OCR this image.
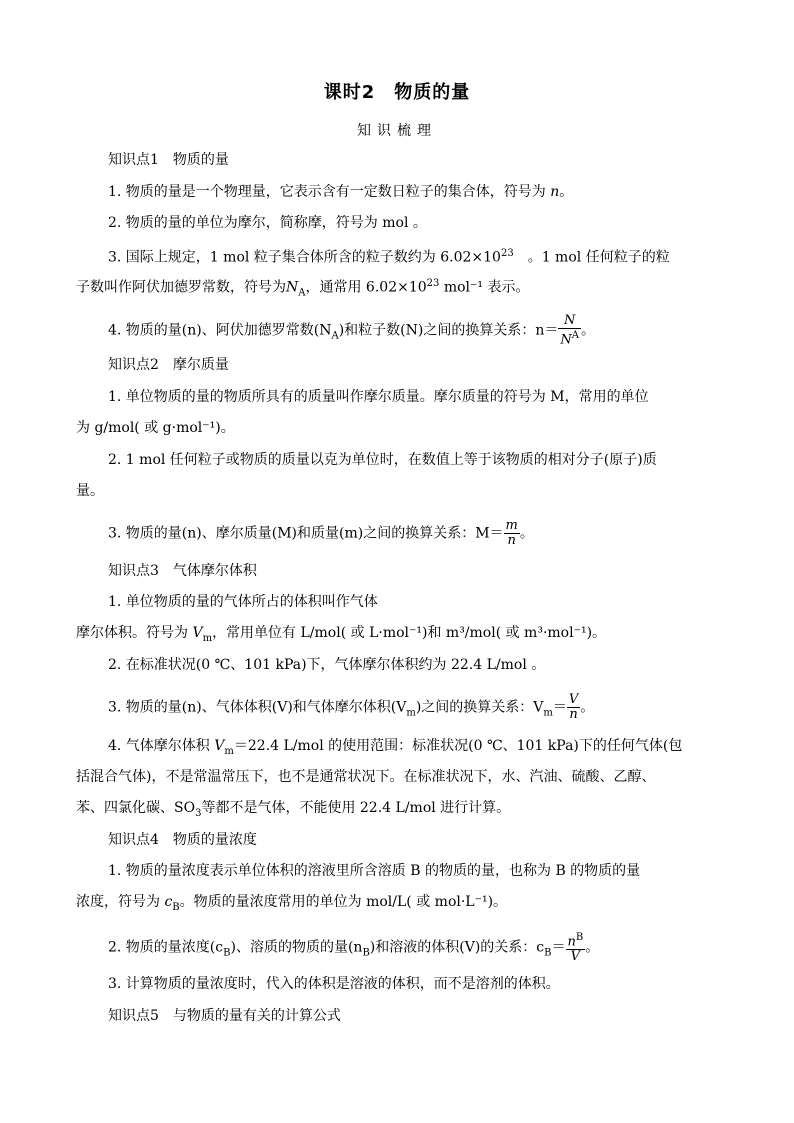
课时2　物质的量
知识梳理
知识点1　物质的量
1. 物质的量是一个物理量，它表示含有一定数日粒子的集合体，符号为 n。
2. 物质的量的单位为摩尔，简称摩，符号为 mol 。
3. 国际上规定，1 mol 粒子集合体所含的粒子数约为 $6.02\times 10^{23}$　。1 mol 任何粒子的粒
子数叫作阿伏加德罗常数，符号为$N_A$，通常用 $6.02\times 10^{23}$ mol⁻¹ 表示。
4. 物质的量(n)、阿伏加德罗常数$(N_A)$和粒子数(N)之间的换算关系：$n= \frac{N}{N^A}$ 。
知识点2　摩尔质量
1. 单位物质的量的物质所具有的质量叫作摩尔质量。摩尔质量的符号为 M，常用的单位
为 g/mol( 或 g·mol⁻¹)。
2. 1 mol 任何粒子或物质的质量以克为单位时，在数值上等于该物质的相对分子(原子)质
量。
3. 物质的量(n)、摩尔质量(M)和质量(m)之间的换算关系：$M= \frac{m}{n}$ 。
知识点3　气体摩尔体积
1. 单位物质的量的气体所占的体积叫作气体
摩尔体积。符号为 $V_m$，常用单位有 L/mol( 或 L·mol⁻¹)和 m³/mol( 或 m³·mol⁻¹)。
2. 在标准状况(0 ℃、101 kPa)下，气体摩尔体积约为 22.4 L/mol 。
3. 物质的量(n)、气体体积(V)和气体摩尔体积$(V_m)$之间的换算关系：$V_m= \frac{V}{n}$ 。
4. 气体摩尔体积 $V_m=22.4$ L/mol 的使用范围：标准状况(0 ℃、101 kPa)下的任何气体(包
括混合气体)，不是常温常压下，也不是通常状况下。在标准状况下，水、汽油、硫酸、乙醇、
苯、四氯化碳、$SO_3$等都不是气体，不能使用 22.4 L/mol 进行计算。
知识点4　物质的量浓度
1. 物质的量浓度表示单位体积的溶液里所含溶质 B 的物质的量，也称为 B 的物质的量
浓度，符号为 $c_B$。物质的量浓度常用的单位为 mol/L( 或 mol·L⁻¹)。
2. 物质的量浓度$(c_B)$、溶质的物质的量$(n_B)$和溶液的体积(V)的关系：$c_B= \frac{n^B}{V}$ 。
3. 计算物质的量浓度时，代入的体积是溶液的体积，而不是溶剂的体积。
知识点5　与物质的量有关的计算公式
